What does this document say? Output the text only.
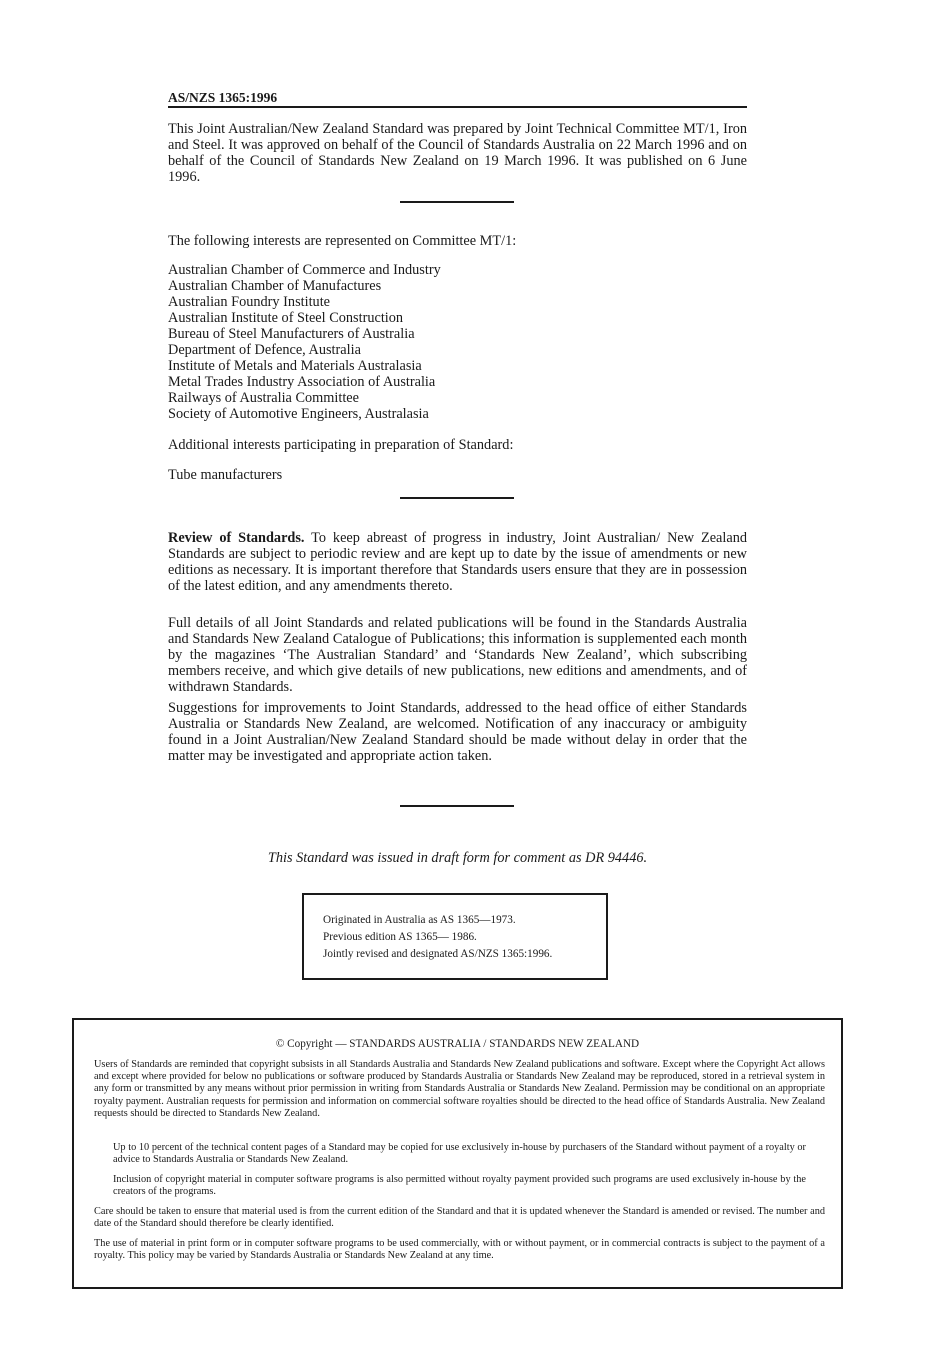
AS/NZS 1365:1996

This Joint Australian/New Zealand Standard was prepared by Joint Technical Committee MT/1, Iron and Steel. It was approved on behalf of the Council of Standards Australia on 22 March 1996 and on behalf of the Council of Standards New Zealand on 19 March 1996. It was published on 6 June 1996.

The following interests are represented on Committee MT/1:

Australian Chamber of Commerce and Industry
Australian Chamber of Manufactures
Australian Foundry Institute
Australian Institute of Steel Construction
Bureau of Steel Manufacturers of Australia
Department of Defence, Australia
Institute of Metals and Materials Australasia
Metal Trades Industry Association of Australia
Railways of Australia Committee
Society of Automotive Engineers, Australasia

Additional interests participating in preparation of Standard:

Tube manufacturers

Review of Standards. To keep abreast of progress in industry, Joint Australian/ New Zealand Standards are subject to periodic review and are kept up to date by the issue of amendments or new editions as necessary. It is important therefore that Standards users ensure that they are in possession of the latest edition, and any amendments thereto.

Full details of all Joint Standards and related publications will be found in the Standards Australia and Standards New Zealand Catalogue of Publications; this information is supplemented each month by the magazines ‘The Australian Standard’ and ‘Standards New Zealand’, which subscribing members receive, and which give details of new publications, new editions and amendments, and of withdrawn Standards.

Suggestions for improvements to Joint Standards, addressed to the head office of either Standards Australia or Standards New Zealand, are welcomed. Notification of any inaccuracy or ambiguity found in a Joint Australian/New Zealand Standard should be made without delay in order that the matter may be investigated and appropriate action taken.

This Standard was issued in draft form for comment as DR 94446.
Originated in Australia as AS 1365—1973.
Previous edition AS 1365— 1986.
Jointly revised and designated AS/NZS 1365:1996.
© Copyright — STANDARDS AUSTRALIA / STANDARDS NEW ZEALAND

Users of Standards are reminded that copyright subsists in all Standards Australia and Standards New Zealand publications and software. Except where the Copyright Act allows and except where provided for below no publications or software produced by Standards Australia or Standards New Zealand may be reproduced, stored in a retrieval system in any form or transmitted by any means without prior permission in writing from Standards Australia or Standards New Zealand. Permission may be conditional on an appropriate royalty payment. Australian requests for permission and information on commercial software royalties should be directed to the head office of Standards Australia. New Zealand requests should be directed to Standards New Zealand.

Up to 10 percent of the technical content pages of a Standard may be copied for use exclusively in-house by purchasers of the Standard without payment of a royalty or advice to Standards Australia or Standards New Zealand.

Inclusion of copyright material in computer software programs is also permitted without royalty payment provided such programs are used exclusively in-house by the creators of the programs.

Care should be taken to ensure that material used is from the current edition of the Standard and that it is updated whenever the Standard is amended or revised. The number and date of the Standard should therefore be clearly identified.

The use of material in print form or in computer software programs to be used commercially, with or without payment, or in commercial contracts is subject to the payment of a royalty. This policy may be varied by Standards Australia or Standards New Zealand at any time.
